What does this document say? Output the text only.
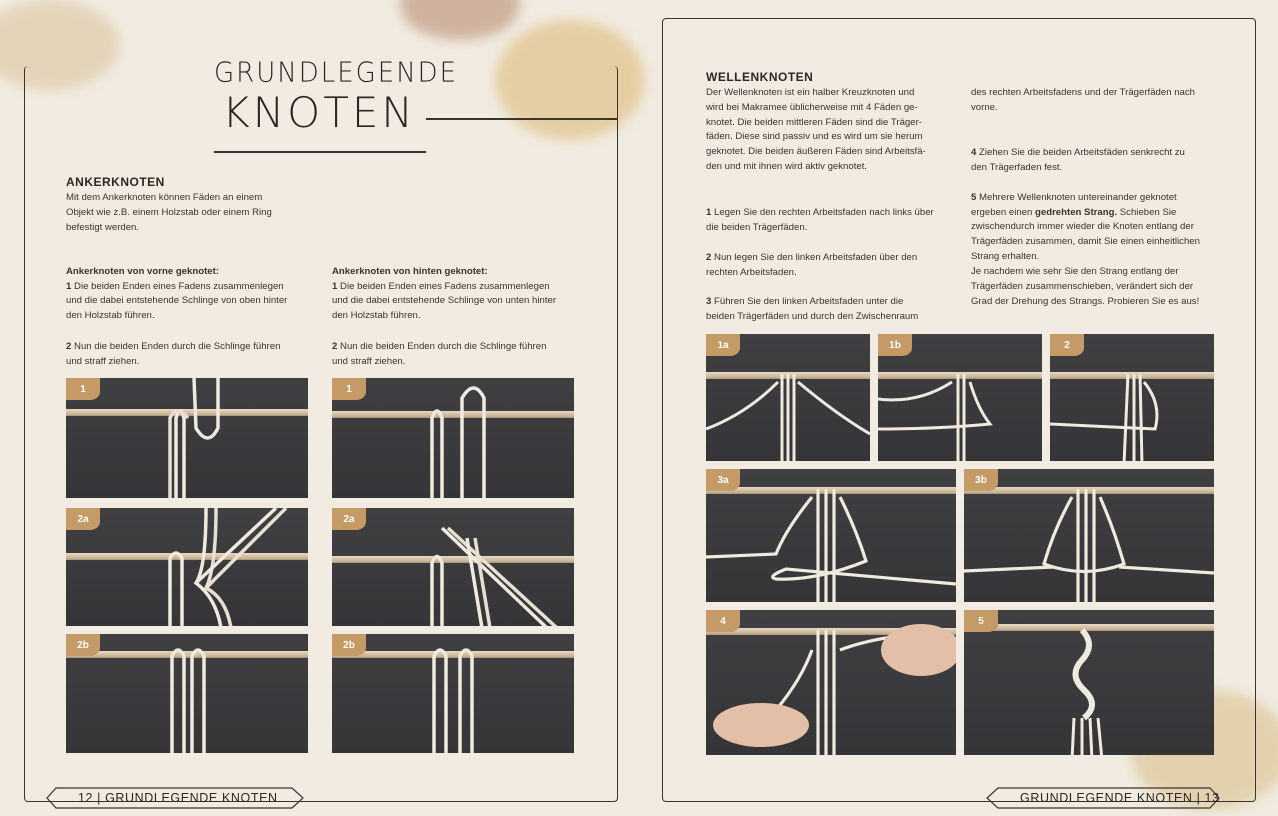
GRUNDLEGENDE
KNOTEN
ANKERKNOTEN
Mit dem Ankerknoten können Fäden an einem
Objekt wie z.B. einem Holzstab oder einem Ring
befestigt werden.

Ankerknoten von vorne geknotet:
1 Die beiden Enden eines Fadens zusammenlegen
und die dabei entstehende Schlinge von oben hinter
den Holzstab führen.

2 Nun die beiden Enden durch die Schlinge führen
und straff ziehen.

Ankerknoten von hinten geknotet:
1 Die beiden Enden eines Fadens zusammenlegen
und die dabei entstehende Schlinge von unten hinter
den Holzstab führen.

2 Nun die beiden Enden durch die Schlinge führen
und straff ziehen.

1	1
2a	2a
2b	2b
12 | GRUNDLEGENDE KNOTEN
WELLENKNOTEN
Der Wellenknoten ist ein halber Kreuzknoten und
wird bei Makramee üblicherweise mit 4 Fäden ge-
knotet. Die beiden mittleren Fäden sind die Träger-
fäden. Diese sind passiv und es wird um sie herum
geknotet. Die beiden äußeren Fäden sind Arbeitsfä-
den und mit ihnen wird aktiv geknotet.

1 Legen Sie den rechten Arbeitsfaden nach links über
die beiden Trägerfäden.

2 Nun legen Sie den linken Arbeitsfaden über den
rechten Arbeitsfaden.

3 Führen Sie den linken Arbeitsfaden unter die
beiden Trägerfäden und durch den Zwischenraum

des rechten Arbeitsfadens und der Trägerfäden nach
vorne.

4 Ziehen Sie die beiden Arbeitsfäden senkrecht zu
den Trägerfaden fest.

5 Mehrere Wellenknoten untereinander geknotet
ergeben einen gedrehten Strang. Schieben Sie
zwischendurch immer wieder die Knoten entlang der
Trägerfäden zusammen, damit Sie einen einheitlichen
Strang erhalten.

Je nachdem wie sehr Sie den Strang entlang der
Trägerfäden zusammenschieben, verändert sich der
Grad der Drehung des Strangs. Probieren Sie es aus!
1a	1b	2
3a	3b
4	5
GRUNDLEGENDE KNOTEN | 13
